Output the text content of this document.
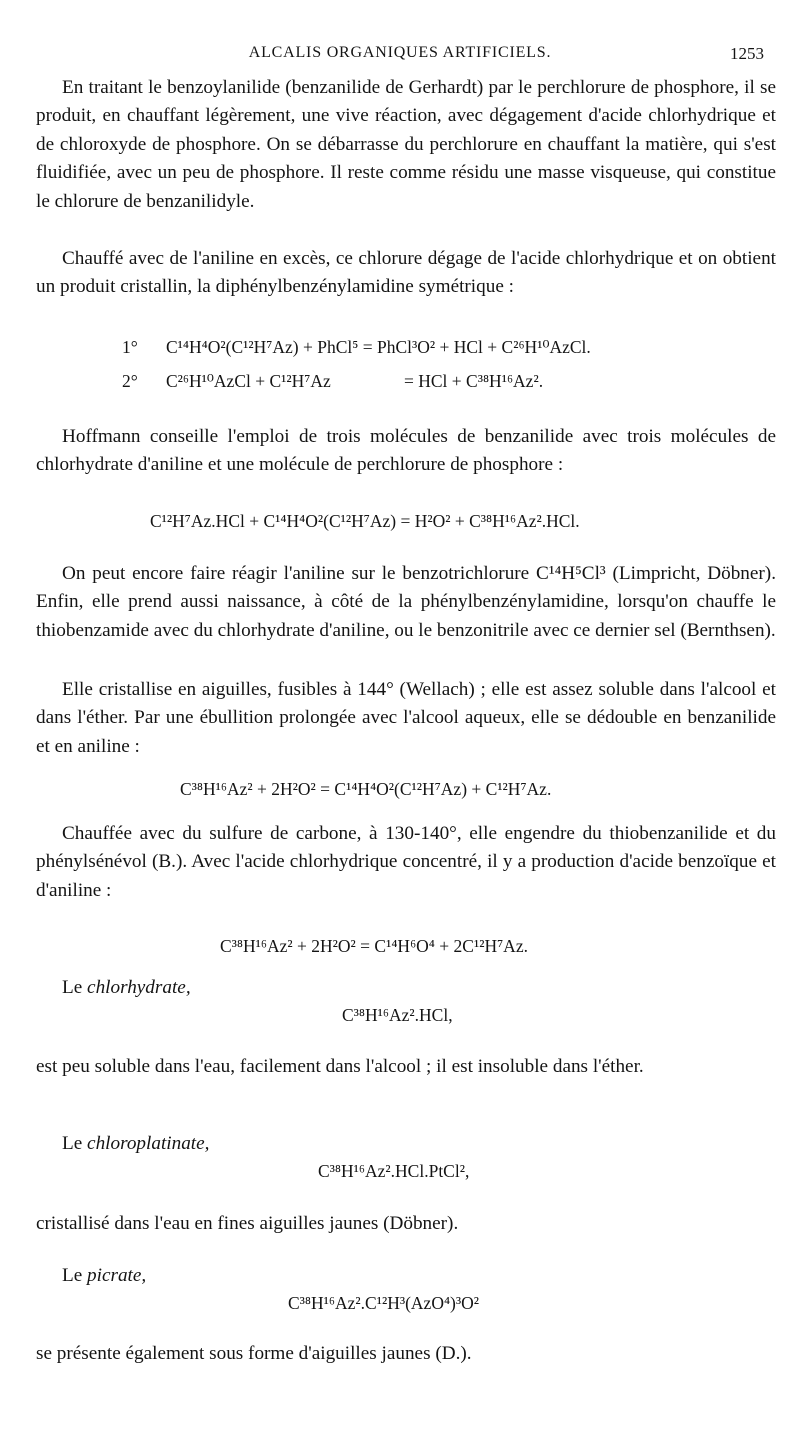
ALCALIS ORGANIQUES ARTIFICIELS.	1253

En traitant le benzoylanilide (benzanilide de Gerhardt) par le perchlorure de phosphore, il se produit, en chauffant légèrement, une vive réaction, avec dégagement d'acide chlorhydrique et de chloroxyde de phosphore. On se débarrasse du perchlorure en chauffant la matière, qui s'est fluidifiée, avec un peu de phosphore. Il reste comme résidu une masse visqueuse, qui constitue le chlorure de benzanilidyle.

Chauffé avec de l'aniline en excès, ce chlorure dégage de l'acide chlorhydrique et on obtient un produit cristallin, la diphénylbenzénylamidine symétrique :

1° C¹⁴H⁴O²(C¹²H⁷Az) + PhCl⁵ = PhCl³O² + HCl + C²⁶H¹⁰AzCl.
2° C²⁶H¹⁰AzCl + C¹²H⁷Az	= HCl + C³⁸H¹⁶Az².

Hoffmann conseille l'emploi de trois molécules de benzanilide avec trois molécules de chlorhydrate d'aniline et une molécule de perchlorure de phosphore :

C¹²H⁷Az.HCl + C¹⁴H⁴O²(C¹²H⁷Az) = H²O² + C³⁸H¹⁶Az².HCl.

On peut encore faire réagir l'aniline sur le benzotrichlorure C¹⁴H⁵Cl³ (Limpricht, Döbner). Enfin, elle prend aussi naissance, à côté de la phénylbenzénylamidine, lorsqu'on chauffe le thiobenzamide avec du chlorhydrate d'aniline, ou le benzonitrile avec ce dernier sel (Bernthsen).

Elle cristallise en aiguilles, fusibles à 144° (Wellach) ; elle est assez soluble dans l'alcool et dans l'éther. Par une ébullition prolongée avec l'alcool aqueux, elle se dédouble en benzanilide et en aniline :

C³⁸H¹⁶Az² + 2H²O² = C¹⁴H⁴O²(C¹²H⁷Az) + C¹²H⁷Az.

Chauffée avec du sulfure de carbone, à 130-140°, elle engendre du thiobenzanilide et du phénylsénévol (B.). Avec l'acide chlorhydrique concentré, il y a production d'acide benzoïque et d'aniline :

C³⁸H¹⁶Az² + 2H²O² = C¹⁴H⁶O⁴ + 2C¹²H⁷Az.
Le chlorhydrate,
C³⁸H¹⁶Az².HCl,

est peu soluble dans l'eau, facilement dans l'alcool ; il est insoluble dans l'éther.

Le chloroplatinate,
C³⁸H¹⁶Az².HCl.PtCl²,

cristallisé dans l'eau en fines aiguilles jaunes (Döbner).

Le picrate,
C³⁸H¹⁶Az².C¹²H³(AzO⁴)³O²

se présente également sous forme d'aiguilles jaunes (D.).
